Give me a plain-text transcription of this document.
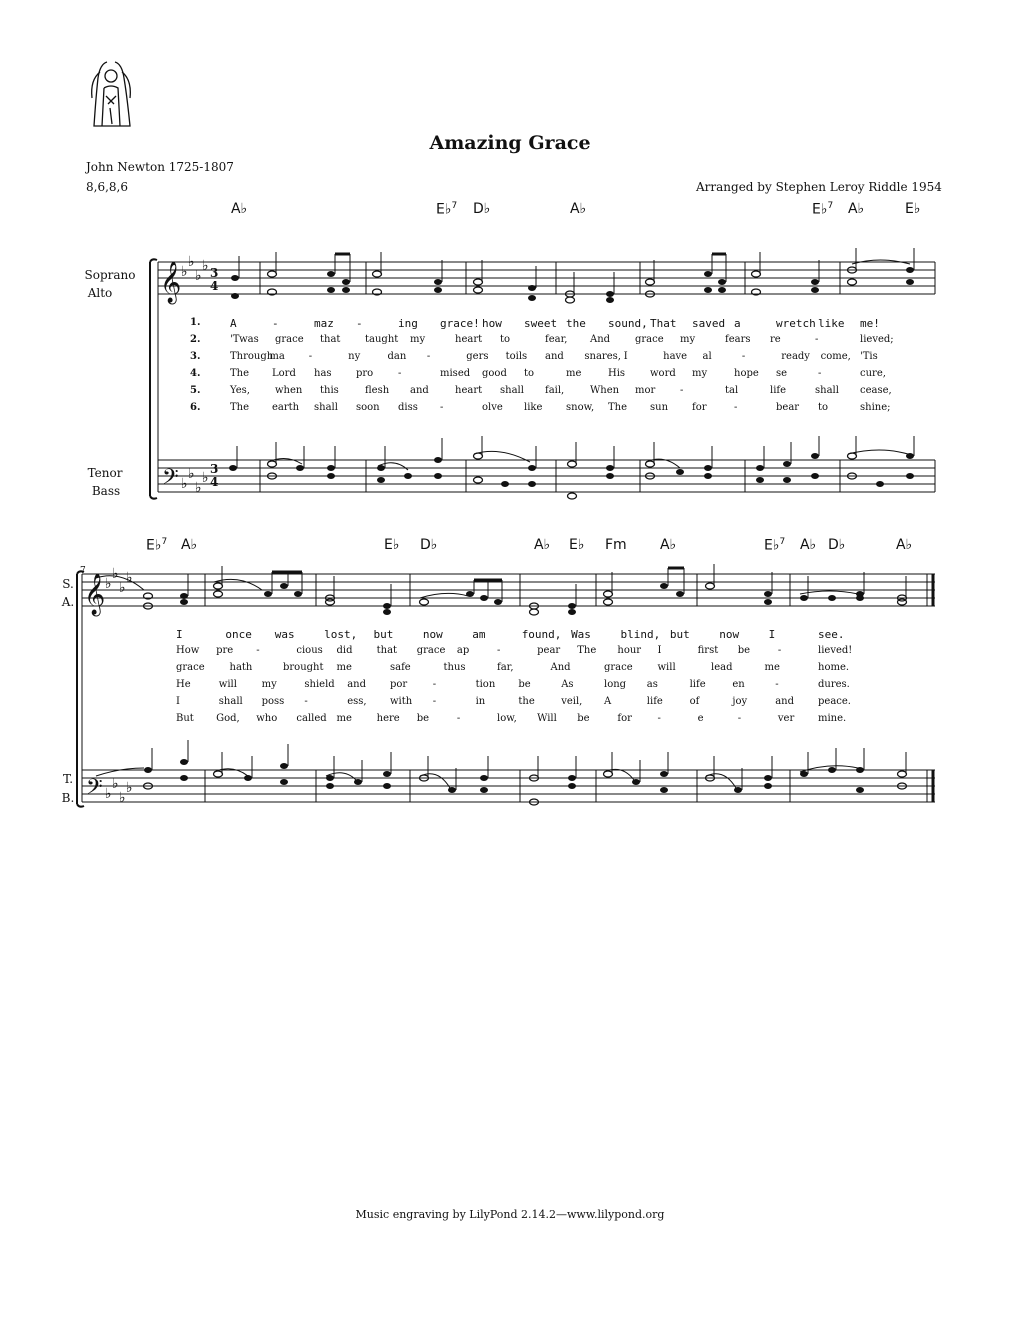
Amazing Grace
John Newton 1725-1807
8,6,8,6	Arranged by Stephen Leroy Riddle 1954
A♭	E♭$^7$ D♭	A♭	E♭$^7$ A♭	E♭
Soprano
Alto
Tenor
Bass
𝄞
𝄢
♭
♭
♭
♭
♭
♭
♭
♭
3
4
3
4
1.
2.
3.
4.
5.
6.
A	-	maz -	ing grace! how sweet the sound, That saved a	wretch like me!
'Twas grace that taught my	heart to	fear, And grace my	fears re	-	lieved;
Through
ma -	ny	dan -	gers toils and snares, I	have al	-	ready come, 'Tis
The Lord has pro -	mised good to	me	His word my	hope se	-	cure,
Yes,	when this	flesh and	heart shall fail,	When mor -	tal	life	shall cease,
The earth shall soon diss -	olve like snow, The sun for	-	bear to	shine;
E♭$^7$ A♭	E♭ D♭	A♭ E♭ Fm A♭	E♭$^7$ A♭ D♭	A♭
S.
A.
T.
B.
7
𝄞
𝄢
♭
♭
♭
♭
♭
♭
♭
♭
I	once was	lost, but	now	am	found, Was	blind, but	now	I	see.
How pre -	cious did that grace ap	-	pear The hour I	first be	-	lieved!
grace hath	brought me	safe	thus	far,	And	grace will	lead	me	home.
He	will my	shield and por	-	tion be	As	long as	life	en	-	dures.
I	shall poss -	ess, with -	in	the	veil, A	life	of	joy	and peace.
But God, who called me here be	-	low, Will be	for	-	e	-	ver mine.
Music engraving by LilyPond 2.14.2—www.lilypond.org
